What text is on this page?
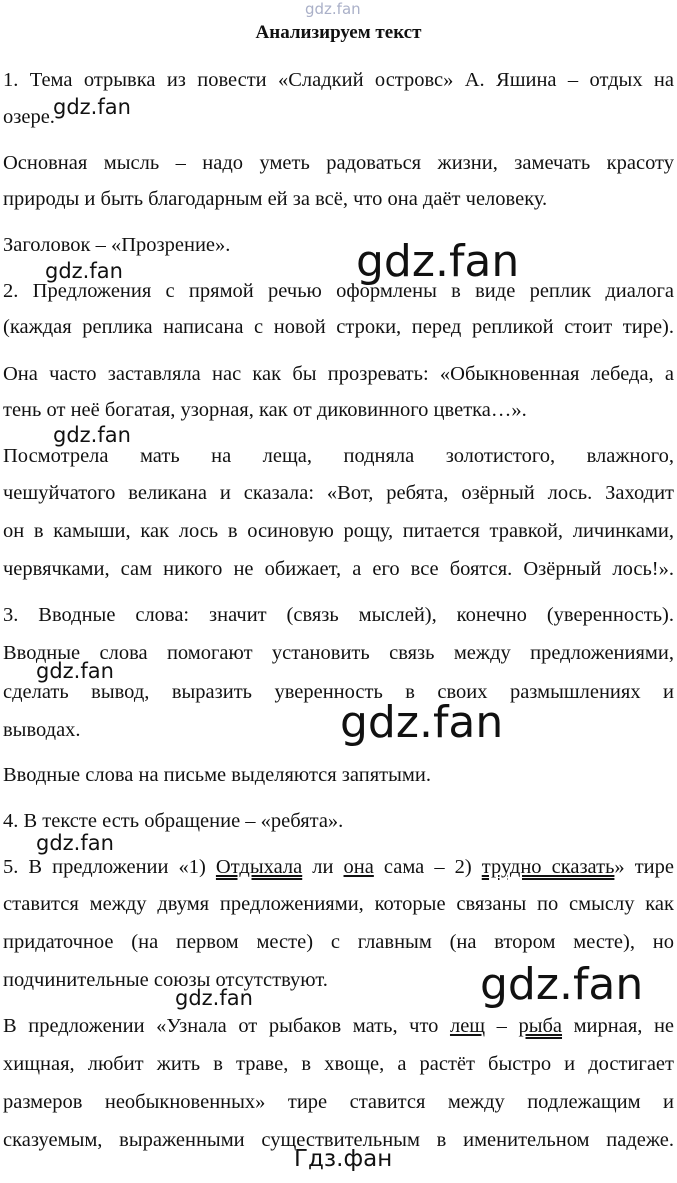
gdz.fan
Анализируем текст
1. Тема отрывка из повести «Сладкий островс» А. Яшина – отдых на
озере.
Основная мысль – надо уметь радоваться жизни, замечать красоту
природы и быть благодарным ей за всё, что она даёт человеку.
Заголовок – «Прозрение».
2. Предложения с прямой речью оформлены в виде реплик диалога
(каждая реплика написана с новой строки, перед репликой стоит тире).
Она часто заставляла нас как бы прозревать: «Обыкновенная лебеда, а
тень от неё богатая, узорная, как от диковинного цветка…».
Посмотрела мать на леща, подняла золотистого, влажного,
чешуйчатого великана и сказала: «Вот, ребята, озёрный лось. Заходит
он в камыши, как лось в осиновую рощу, питается травкой, личинками,
червячками, сам никого не обижает, а его все боятся. Озёрный лось!».
3. Вводные слова: значит (связь мыслей), конечно (уверенность).
Вводные слова помогают установить связь между предложениями,
сделать вывод, выразить уверенность в своих размышлениях и
выводах.
Вводные слова на письме выделяются запятыми.
4. В тексте есть обращение – «ребята».
5. В предложении «1) Отдыхала ли она сама – 2) трудно сказать» тире
ставится между двумя предложениями, которые связаны по смыслу как
придаточное (на первом месте) с главным (на втором месте), но
подчинительные союзы отсутствуют.
В предложении «Узнала от рыбаков мать, что лещ – рыба мирная, не
хищная, любит жить в траве, в хвоще, а растёт быстро и достигает
размеров необыкновенных» тире ставится между подлежащим и
сказуемым, выраженными существительным в именительном падеже.
gdz.fan
gdz.fan
gdz.fan
gdz.fan
gdz.fan
gdz.fan
gdz.fan
gdz.fan
gdz.fan
Гдз.фан
